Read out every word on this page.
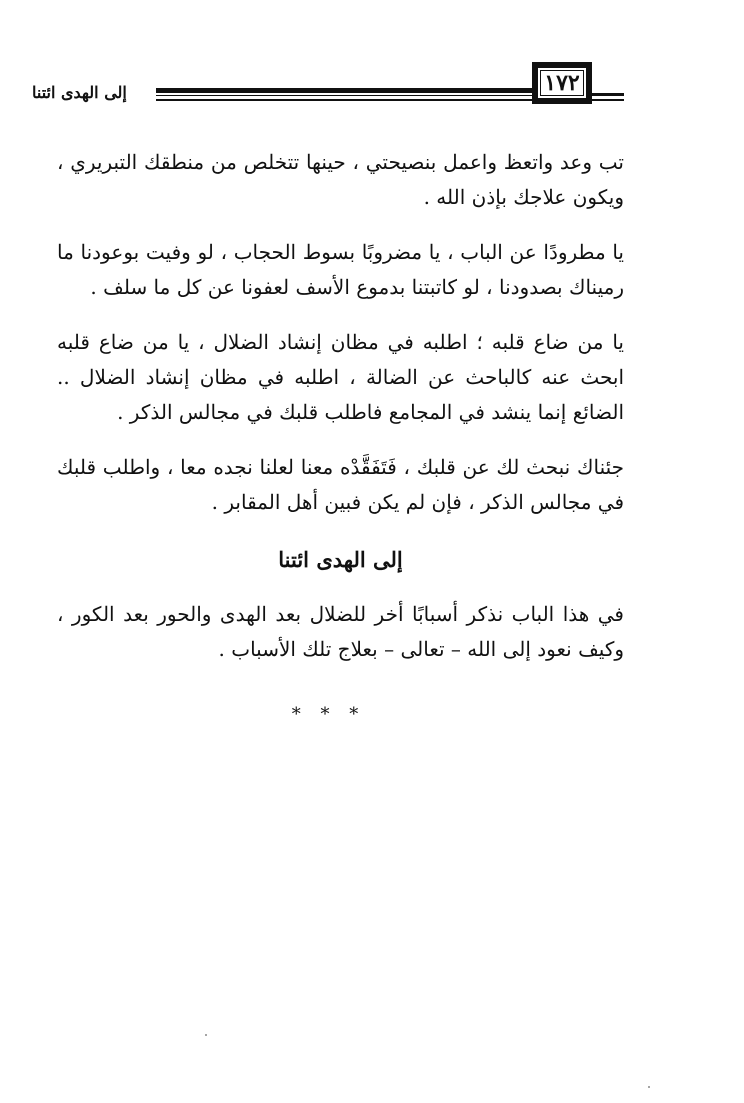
إلى الهدى ائتنا	١٧٢

تب وعد واتعظ واعمل بنصيحتي ، حينها تتخلص من منطقك التبريري ، ويكون علاجك بإذن الله .

يا مطرودًا عن الباب ، يا مضروبًا بسوط الحجاب ، لو وفيت بوعودنا ما رميناك بصدودنا ، لو كاتبتنا بدموع الأسف لعفونا عن كل ما سلف .

يا من ضاع قلبه ؛ اطلبه في مظان إنشاد الضلال ، يا من ضاع قلبه ابحث عنه كالباحث عن الضالة ، اطلبه في مظان إنشاد الضلال .. الضائع إنما ينشد في المجامع فاطلب قلبك في مجالس الذكر .

جئناك نبحث لك عن قلبك ، فَتَفَقَّدْه معنا لعلنا نجده معا ، واطلب قلبك في مجالس الذكر ، فإن لم يكن فبين أهل المقابر .

إلى الهدى ائتنا

في هذا الباب نذكر أسبابًا أخر للضلال بعد الهدى والحور بعد الكور ، وكيف نعود إلى الله – تعالى – بعلاج تلك الأسباب .

* * *
